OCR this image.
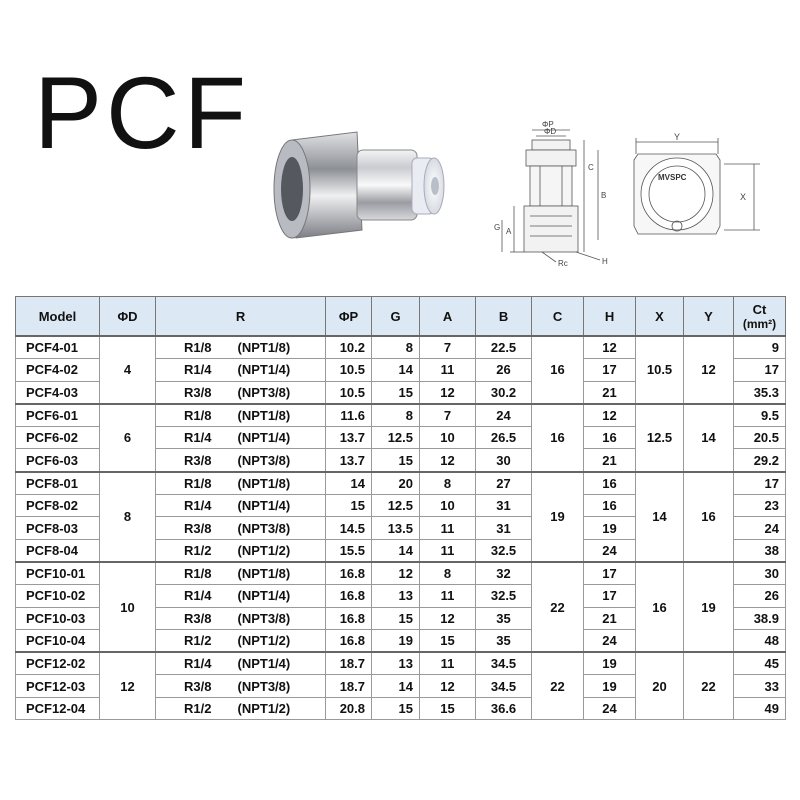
PCF	ΦP
ΦD
C
B
G A
Rc	H
Y
X
MVSPC
Model	ΦD	R		ΦP	G	A	B	C	H	X	Y	Ct
(mm²)

PCF4-01	4	R1/8	(NPT1/8)	10.2	8	7	22.5	16	12	10.5	12	9
PCF4-02		R1/4	(NPT1/4)	10.5	14	11	26		17			17
PCF4-03		R3/8	(NPT3/8)	10.5	15	12	30.2		21			35.3
PCF6-01	6	R1/8	(NPT1/8)	11.6	8	7	24	16	12	12.5	14	9.5
PCF6-02		R1/4	(NPT1/4)	13.7	12.5	10	26.5		16			20.5
PCF6-03		R3/8	(NPT3/8)	13.7	15	12	30		21			29.2
PCF8-01	8	R1/8	(NPT1/8)	14	20	8	27	19	16	14	16	17
PCF8-02		R1/4	(NPT1/4)	15	12.5	10	31		16			23
PCF8-03		R3/8	(NPT3/8)	14.5	13.5	11	31		19			24
PCF8-04		R1/2	(NPT1/2)	15.5	14	11	32.5		24			38
PCF10-01	10	R1/8	(NPT1/8)	16.8	12	8	32	22	17	16	19	30
PCF10-02		R1/4	(NPT1/4)	16.8	13	11	32.5		17			26
PCF10-03		R3/8	(NPT3/8)	16.8	15	12	35		21			38.9
PCF10-04		R1/2	(NPT1/2)	16.8	19	15	35		24			48
PCF12-02	12	R1/4	(NPT1/4)	18.7	13	11	34.5	22	19	20	22	45
PCF12-03		R3/8	(NPT3/8)	18.7	14	12	34.5		19			33
PCF12-04		R1/2	(NPT1/2)	20.8	15	15	36.6		24			49
